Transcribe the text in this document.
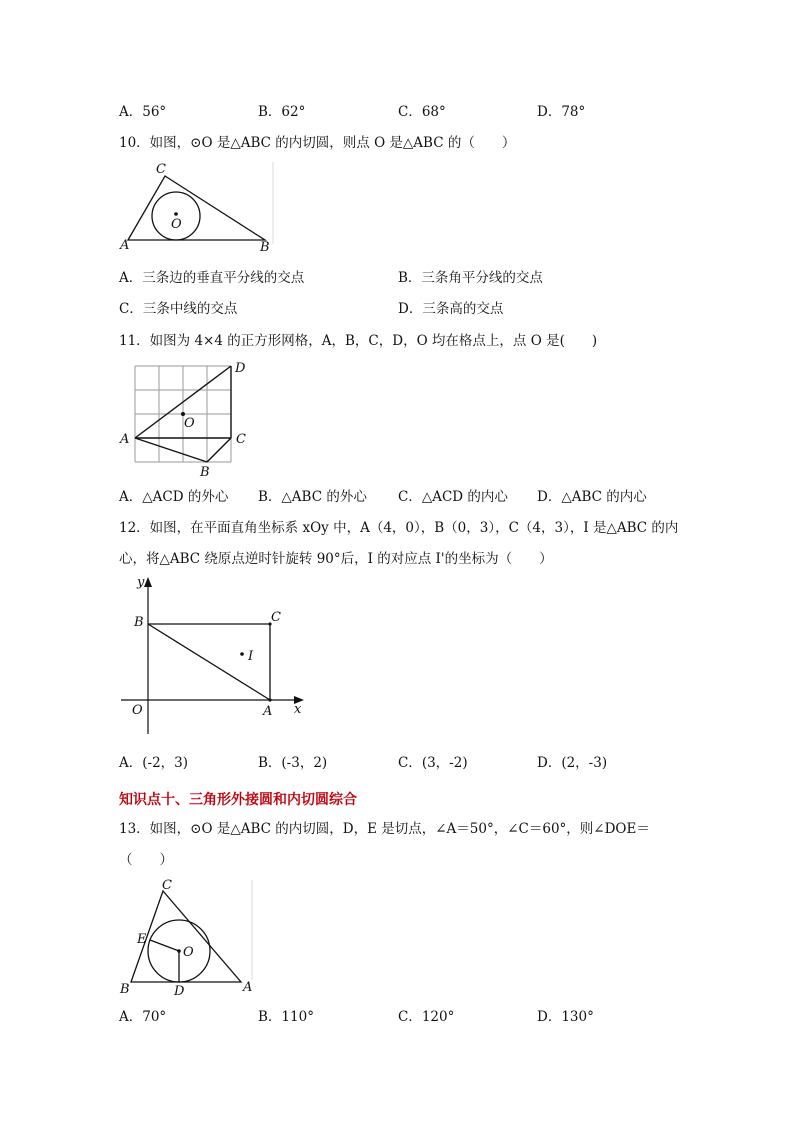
A．56°	B．62°	C．68°	D．78°
10．如图，⊙O 是△ABC 的内切圆，则点 O 是△ABC 的（　　）
C
O
A	B
A．三条边的垂直平分线的交点	B．三条角平分线的交点
C．三条中线的交点	D．三条高的交点
11．如图为 4×4 的正方形网格，A，B，C，D，O 均在格点上，点 O 是(　　)
D
O
A	C
B
A．△ACD 的外心 B．△ABC 的外心 C．△ACD 的内心 D．△ABC 的内心
12．如图，在平面直角坐标系 xOy 中，A（4，0），B（0，3），C（4，3），I 是△ABC 的内
心，将△ABC 绕原点逆时针旋转 90°后，I 的对应点 I'的坐标为（　　）
y
B	C
I
O	A x
A．(-2，3)	B．(-3，2)	C．(3，-2)	D．(2，-3)
知识点十、三角形外接圆和内切圆综合
13．如图，⊙O 是△ABC 的内切圆，D，E 是切点，∠A＝50°，∠C＝60°，则∠DOE＝
（　　）
C
E
O
B	D	A
A．70°	B．110°	C．120°	D．130°
